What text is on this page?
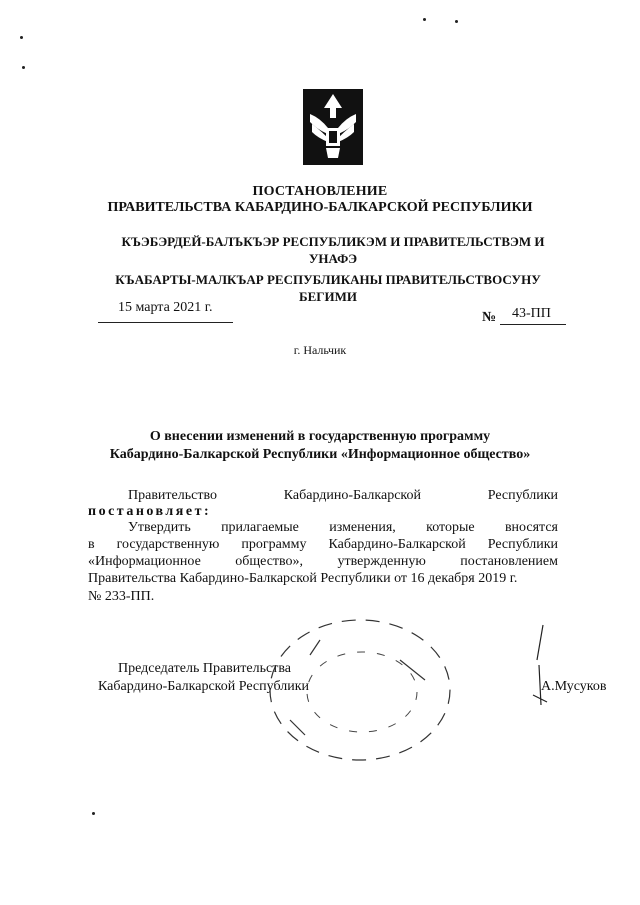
ПОСТАНОВЛЕНИЕ
ПРАВИТЕЛЬСТВА КАБАРДИНО-БАЛКАРСКОЙ РЕСПУБЛИКИ
КЪЭБЭРДЕЙ-БАЛЪКЪЭР РЕСПУБЛИКЭМ И ПРАВИТЕЛЬСТВЭМ И УНАФЭ
КЪАБАРТЫ-МАЛКЪАР РЕСПУБЛИКАНЫ ПРАВИТЕЛЬСТВОСУНУ БЕГИМИ
15 марта 2021 г.
№ 43-ПП
г. Нальчик
О внесении изменений в государственную программу
Кабардино-Балкарской Республики «Информационное общество»
Правительство	Кабардино-Балкарской	Республики
постановляет:
Утвердить прилагаемые изменения, которые вносятся
в государственную программу Кабардино-Балкарской Республики
«Информационное общество», утвержденную постановлением
Правительства Кабардино-Балкарской Республики от 16 декабря 2019 г.
№ 233-ПП.
Председатель Правительства
Кабардино-Балкарской Республики	А.Мусуков
